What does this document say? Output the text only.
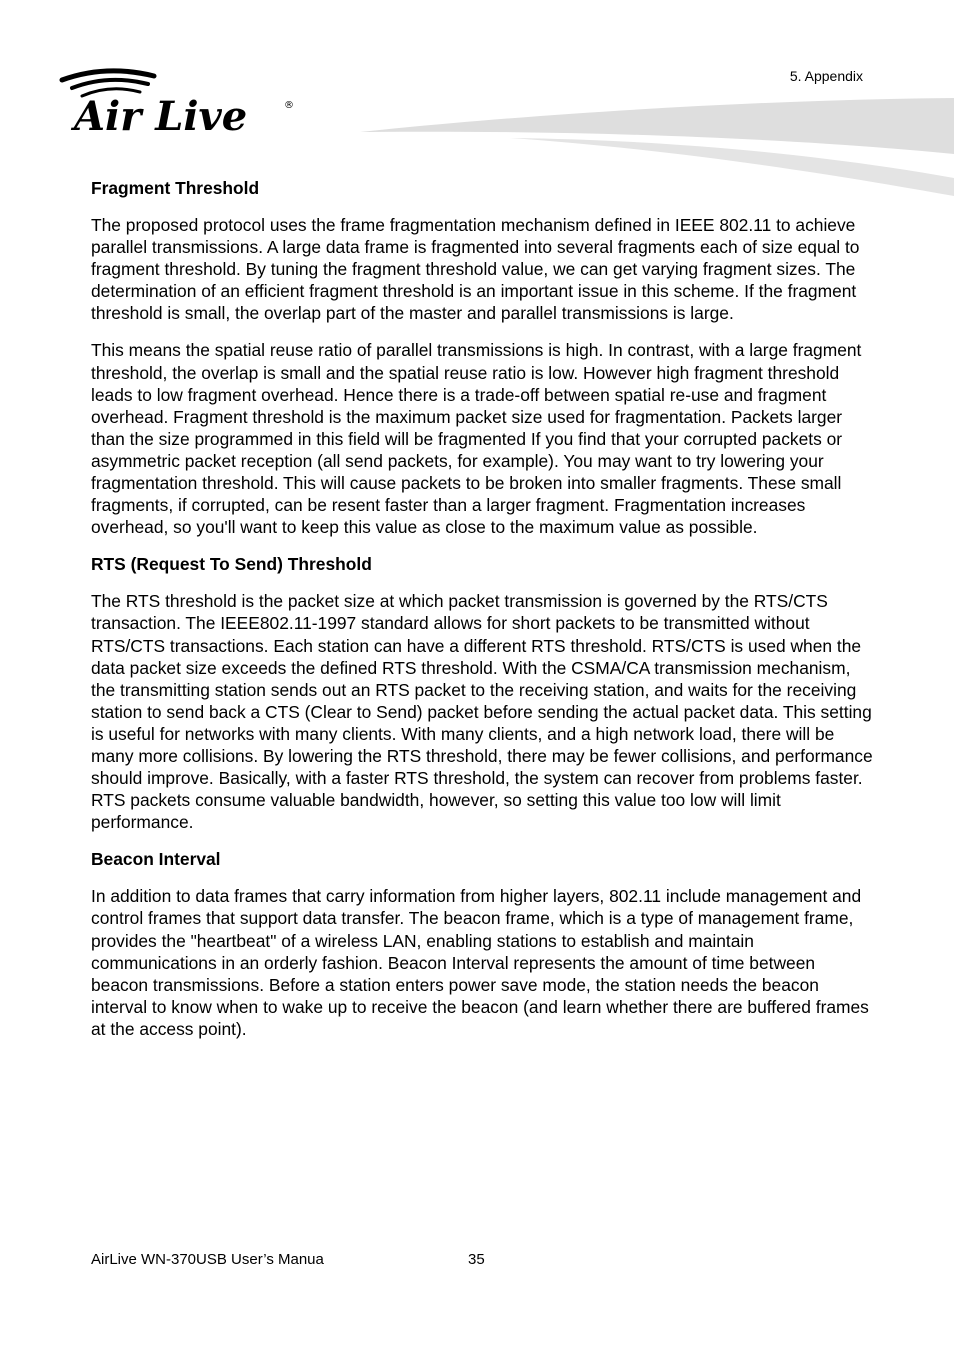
Air Live	®
5. Appendix
Fragment Threshold

The proposed protocol uses the frame fragmentation mechanism defined in IEEE 802.11 to achieve parallel transmissions. A large data frame is fragmented into several fragments each of size equal to fragment threshold. By tuning the fragment threshold value, we can get varying fragment sizes. The determination of an efficient fragment threshold is an important issue in this scheme. If the fragment threshold is small, the overlap part of the master and parallel transmissions is large.

This means the spatial reuse ratio of parallel transmissions is high. In contrast, with a large fragment threshold, the overlap is small and the spatial reuse ratio is low. However high fragment threshold leads to low fragment overhead. Hence there is a trade-off between spatial re-use and fragment overhead. Fragment threshold is the maximum packet size used for fragmentation. Packets larger than the size programmed in this field will be fragmented If you find that your corrupted packets or asymmetric packet reception (all send packets, for example). You may want to try lowering your fragmentation threshold. This will cause packets to be broken into smaller fragments. These small fragments, if corrupted, can be resent faster than a larger fragment. Fragmentation increases overhead, so you'll want to keep this value as close to the maximum value as possible.

RTS (Request To Send) Threshold

The RTS threshold is the packet size at which packet transmission is governed by the RTS/CTS transaction. The IEEE802.11-1997 standard allows for short packets to be transmitted without RTS/CTS transactions. Each station can have a different RTS threshold. RTS/CTS is used when the data packet size exceeds the defined RTS threshold. With the CSMA/CA transmission mechanism, the transmitting station sends out an RTS packet to the receiving station, and waits for the receiving station to send back a CTS (Clear to Send) packet before sending the actual packet data. This setting is useful for networks with many clients. With many clients, and a high network load, there will be many more collisions. By lowering the RTS threshold, there may be fewer collisions, and performance should improve. Basically, with a faster RTS threshold, the system can recover from problems faster. RTS packets consume valuable bandwidth, however, so setting this value too low will limit performance.

Beacon Interval

In addition to data frames that carry information from higher layers, 802.11 include management and control frames that support data transfer. The beacon frame, which is a type of management frame, provides the "heartbeat" of a wireless LAN, enabling stations to establish and maintain communications in an orderly fashion. Beacon Interval represents the amount of time between beacon transmissions. Before a station enters power save mode, the station needs the beacon interval to know when to wake up to receive the beacon (and learn whether there are buffered frames at the access point).

AirLive WN-370USB User’s Manua	35
